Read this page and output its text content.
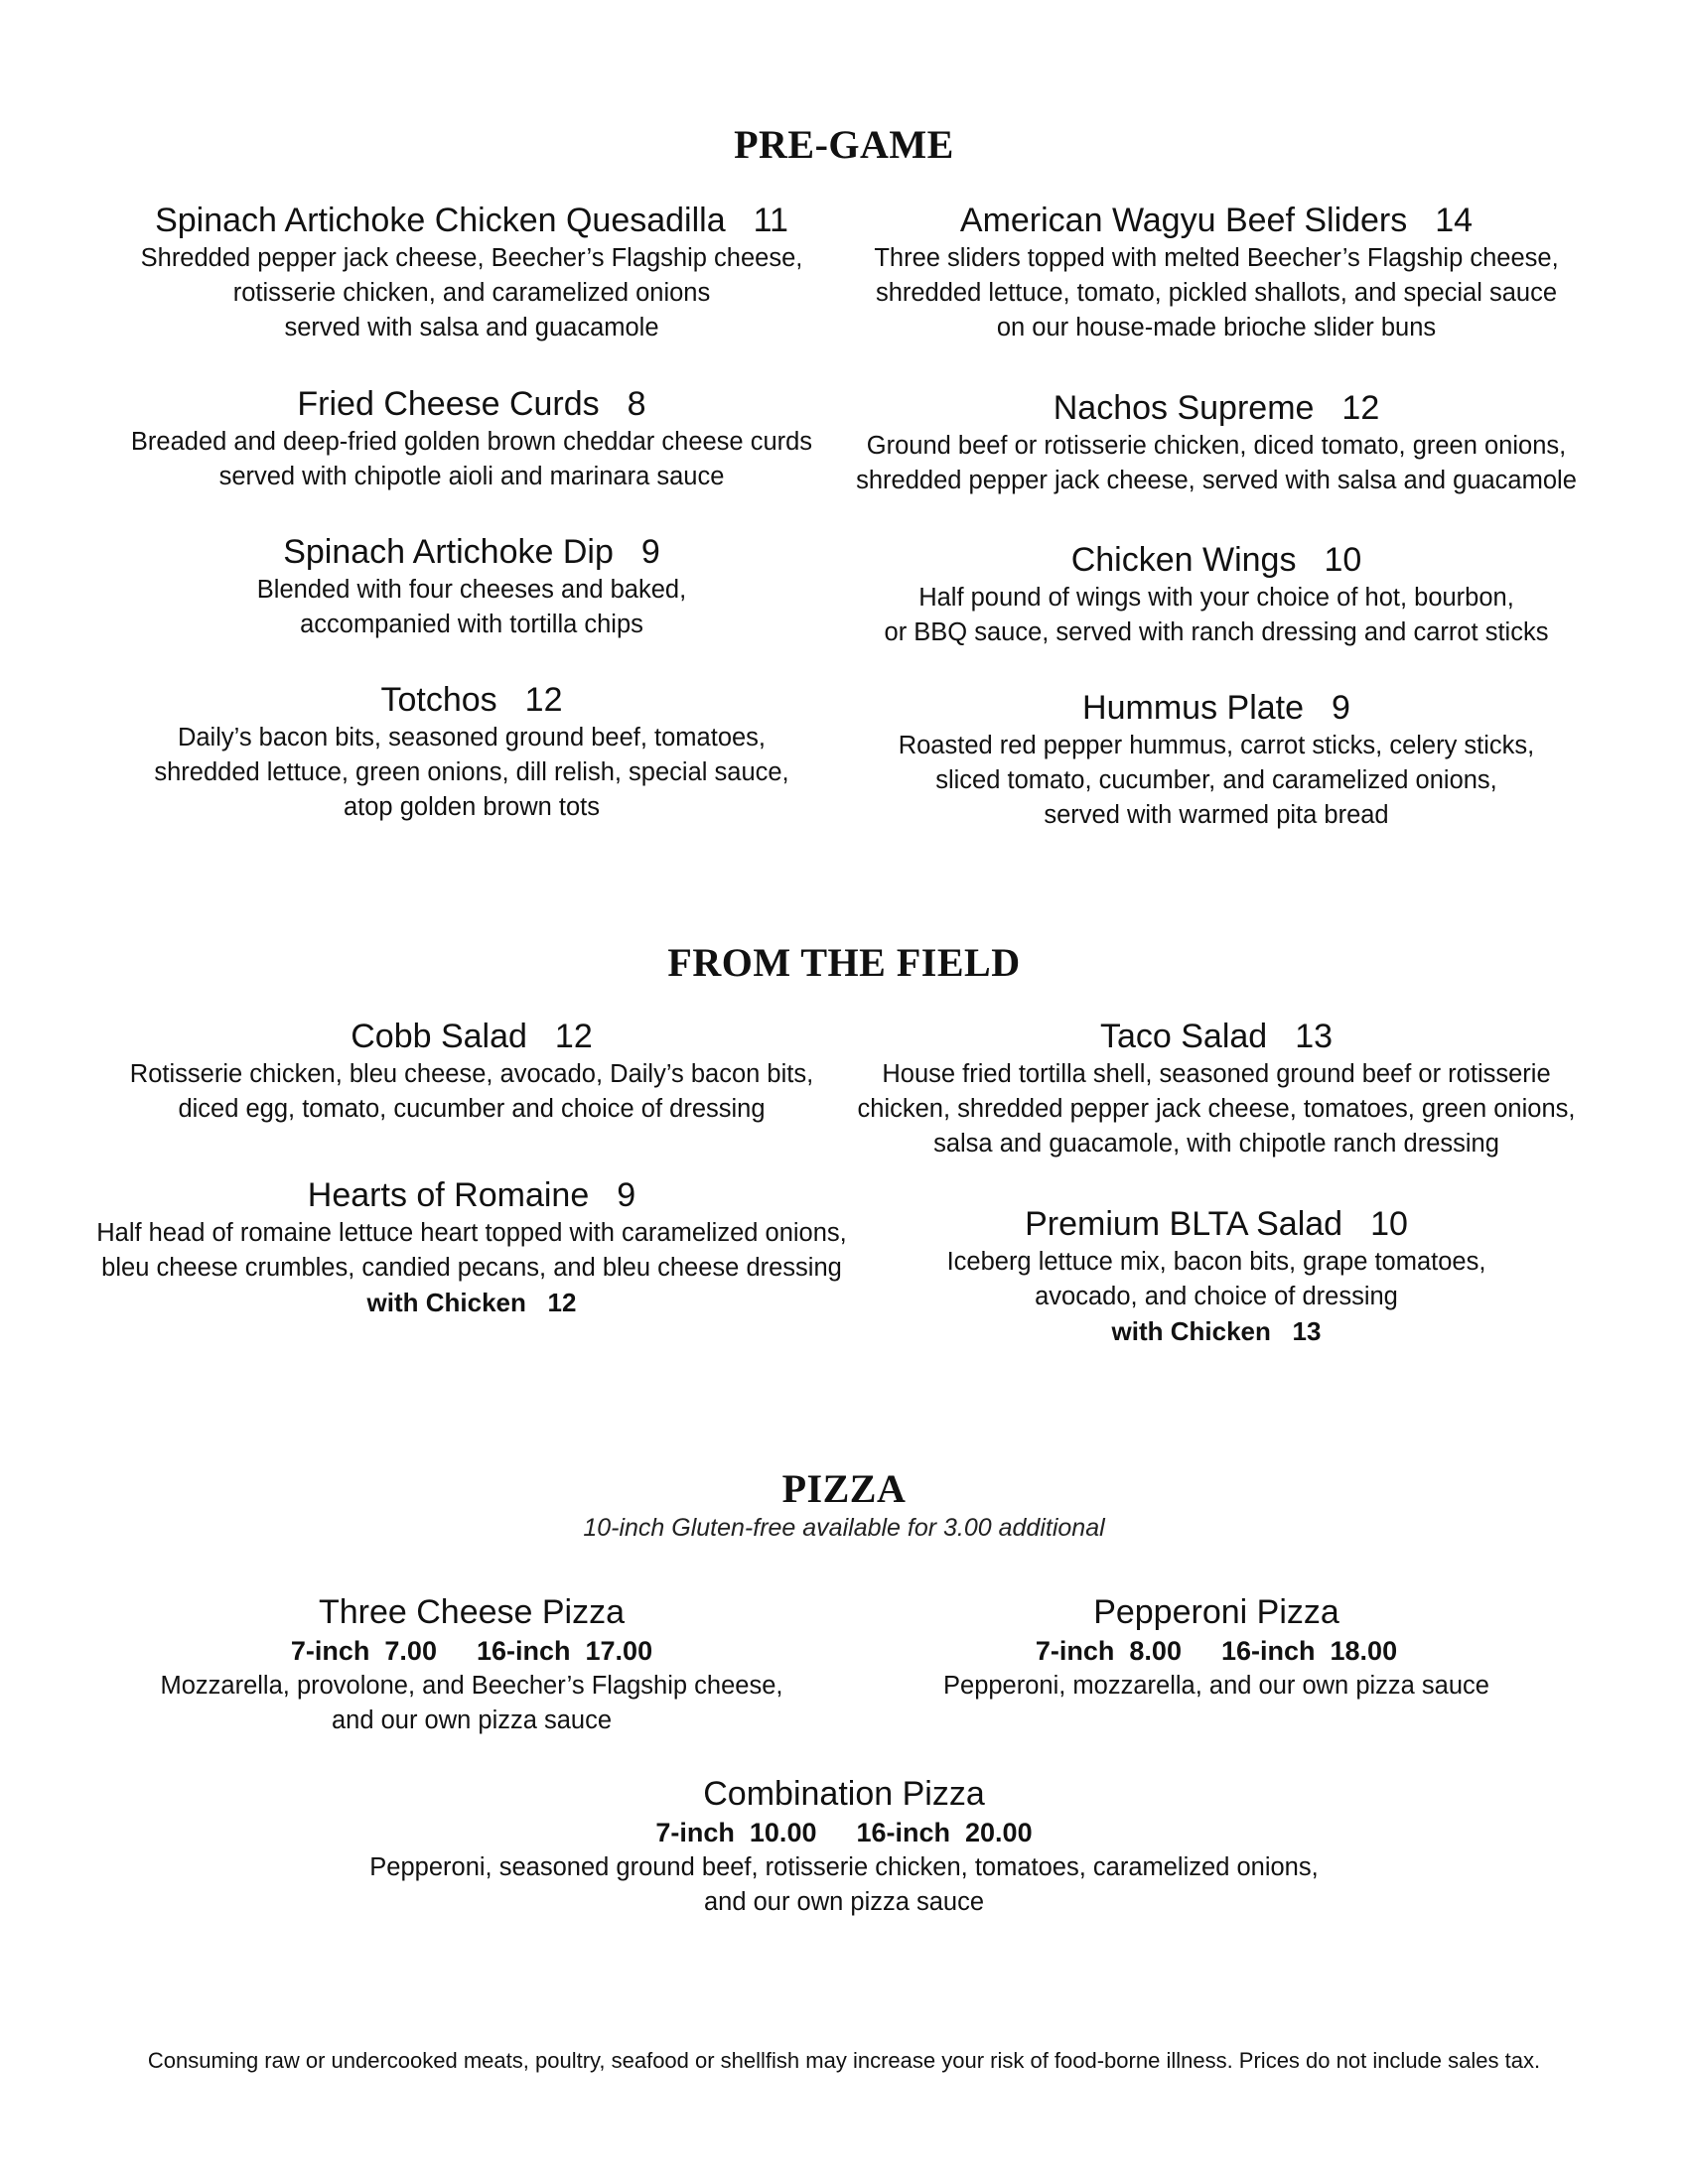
PRE-GAME
Spinach Artichoke Chicken Quesadilla 11
Shredded pepper jack cheese, Beecher’s Flagship cheese,
rotisserie chicken, and caramelized onions
served with salsa and guacamole
American Wagyu Beef Sliders 14
Three sliders topped with melted Beecher’s Flagship cheese,
shredded lettuce, tomato, pickled shallots, and special sauce
on our house-made brioche slider buns
Fried Cheese Curds 8
Breaded and deep-fried golden brown cheddar cheese curds
served with chipotle aioli and marinara sauce
Nachos Supreme 12
Ground beef or rotisserie chicken, diced tomato, green onions,
shredded pepper jack cheese, served with salsa and guacamole
Spinach Artichoke Dip 9
Blended with four cheeses and baked,
accompanied with tortilla chips
Chicken Wings 10
Half pound of wings with your choice of hot, bourbon,
or BBQ sauce, served with ranch dressing and carrot sticks
Totchos 12
Daily’s bacon bits, seasoned ground beef, tomatoes,
shredded lettuce, green onions, dill relish, special sauce,
atop golden brown tots
Hummus Plate 9
Roasted red pepper hummus, carrot sticks, celery sticks,
sliced tomato, cucumber, and caramelized onions,
served with warmed pita bread
FROM THE FIELD
Cobb Salad 12
Rotisserie chicken, bleu cheese, avocado, Daily’s bacon bits,
diced egg, tomato, cucumber and choice of dressing
Taco Salad 13
House fried tortilla shell, seasoned ground beef or rotisserie
chicken, shredded pepper jack cheese, tomatoes, green onions,
salsa and guacamole, with chipotle ranch dressing
Hearts of Romaine 9
Half head of romaine lettuce heart topped with caramelized onions,
bleu cheese crumbles, candied pecans, and bleu cheese dressing
with Chicken   12
Premium BLTA Salad 10
Iceberg lettuce mix, bacon bits, grape tomatoes,
avocado, and choice of dressing
with Chicken   13
PIZZA
10-inch Gluten-free available for 3.00 additional
Three Cheese Pizza
7-inch  7.00 16-inch  17.00
Mozzarella, provolone, and Beecher’s Flagship cheese,
and our own pizza sauce
Pepperoni Pizza
7-inch  8.00 16-inch  18.00
Pepperoni, mozzarella, and our own pizza sauce
Combination Pizza
7-inch  10.00 16-inch  20.00
Pepperoni, seasoned ground beef, rotisserie chicken, tomatoes, caramelized onions,
and our own pizza sauce
Consuming raw or undercooked meats, poultry, seafood or shellfish may increase your risk of food-borne illness. Prices do not include sales tax.
